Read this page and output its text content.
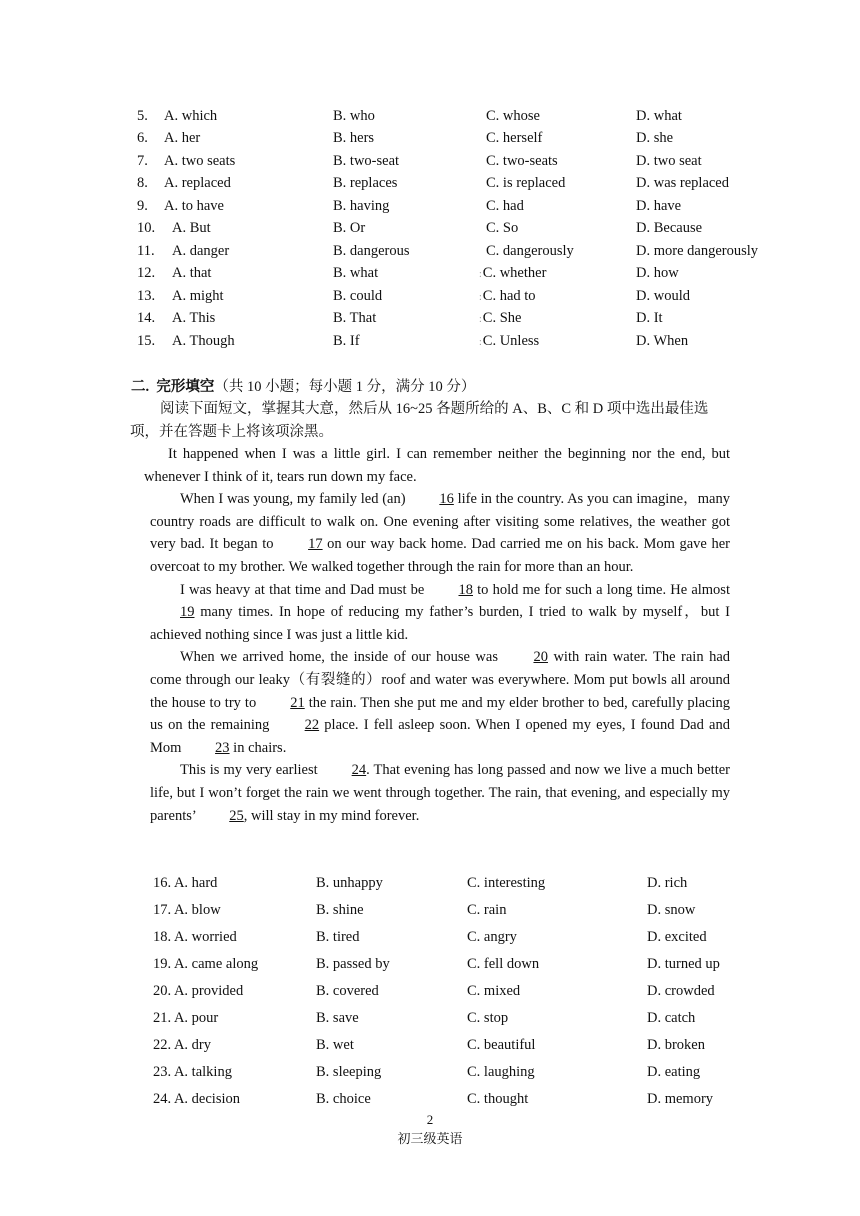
5. A. which	B. who	C. whose	D. what
6. A. her	B. hers	C. herself	D. she
7. A. two seats	B. two-seat	C. two-seats	D. two seat
8. A. replaced	B. replaces	C. is replaced	D. was replaced
9. A. to have	B. having	C. had	D. have
10. A. But	B. Or	C. So	D. Because
11. A. danger	B. dangerous	C. dangerously	D. more dangerously
12. A. that	B. what	: C. whether	D. how
13. A. might	B. could	: C. had to	D. would
14. A. This	B. That	: C. She	D. It
15. A. Though	B. If	: C. Unless	D. When
二. 完形填空（共 10 小题；每小题 1 分，满分 10 分）
阅读下面短文，掌握其大意，然后从 16~25 各题所给的 A、B、C 和 D 项中选出最佳选项，并在答题卡上将该项涂黑。

It happened when I was a little girl. I can remember neither the beginning nor the end, but whenever I think of it, tears run down my face.

When I was young, my family led (an) 16 life in the country. As you can imagine，many country roads are difficult to walk on. One evening after visiting some relatives, the weather got very bad. It began to 17 on our way back home. Dad carried me on his back. Mom gave her overcoat to my brother. We walked together through the rain for more than an hour.

I was heavy at that time and Dad must be 18 to hold me for such a long time. He almost 19 many times. In hope of reducing my father’s burden, I tried to walk by myself，but I achieved nothing since I was just a little kid.

When we arrived home, the inside of our house was 20 with rain water. The rain had come through our leaky（有裂缝的）roof and water was everywhere. Mom put bowls all around the house to try to 21 the rain. Then she put me and my elder brother to bed, carefully placing us on the remaining 22 place. I fell asleep soon. When I opened my eyes, I found Dad and Mom 23 in chairs.

This is my very earliest 24. That evening has long passed and now we live a much better life, but I won’t forget the rain we went through together. The rain, that evening, and especially my parents’ 25, will stay in my mind forever.

16. A. hard	B. unhappy	C. interesting	D. rich
17. A. blow	B. shine	C. rain	D. snow
18. A. worried	B. tired	C. angry	D. excited
19. A. came along	B. passed by	C. fell down	D. turned up
20. A. provided	B. covered	C. mixed	D. crowded
21. A. pour	B. save	C. stop	D. catch
22. A. dry	B. wet	C. beautiful	D. broken
23. A. talking	B. sleeping	C. laughing	D. eating
24. A. decision	B. choice	C. thought	D. memory
2
初三级英语
